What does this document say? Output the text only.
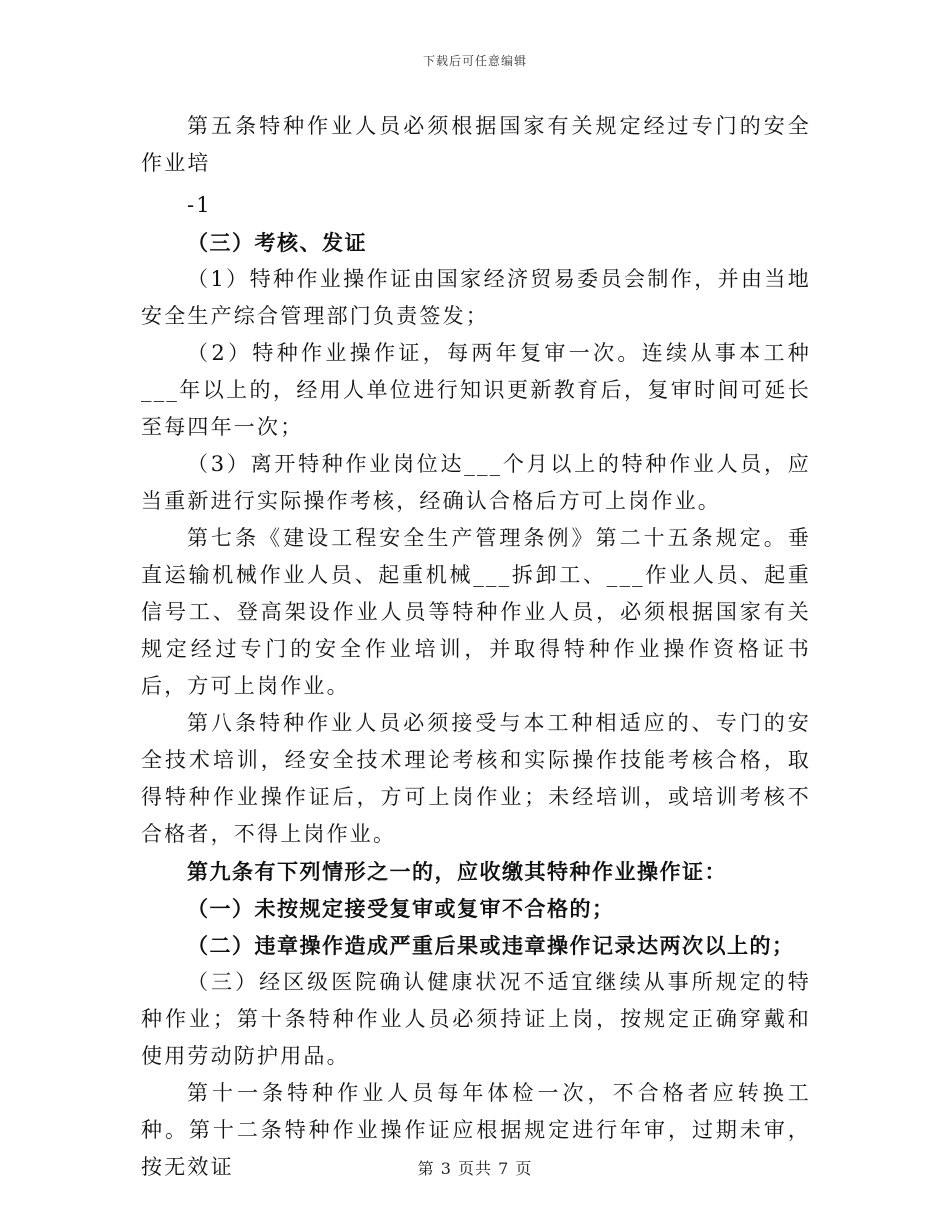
下载后可任意编辑

第五条特种作业人员必须根据国家有关规定经过专门的安全作业培

-1

（三）考核、发证

（1）特种作业操作证由国家经济贸易委员会制作，并由当地安全生产综合管理部门负责签发；

（2）特种作业操作证，每两年复审一次。连续从事本工种___年以上的，经用人单位进行知识更新教育后，复审时间可延长至每四年一次；

（3）离开特种作业岗位达___个月以上的特种作业人员，应当重新进行实际操作考核，经确认合格后方可上岗作业。

第七条《建设工程安全生产管理条例》第二十五条规定。垂直运输机械作业人员、起重机械___拆卸工、___作业人员、起重信号工、登高架设作业人员等特种作业人员，必须根据国家有关规定经过专门的安全作业培训，并取得特种作业操作资格证书后，方可上岗作业。

第八条特种作业人员必须接受与本工种相适应的、专门的安全技术培训，经安全技术理论考核和实际操作技能考核合格，取得特种作业操作证后，方可上岗作业；未经培训，或培训考核不合格者，不得上岗作业。

第九条有下列情形之一的，应收缴其特种作业操作证：

（一）未按规定接受复审或复审不合格的；

（二）违章操作造成严重后果或违章操作记录达两次以上的；

（三）经区级医院确认健康状况不适宜继续从事所规定的特种作业；第十条特种作业人员必须持证上岗，按规定正确穿戴和使用劳动防护用品。

第十一条特种作业人员每年体检一次，不合格者应转换工种。第十二条特种作业操作证应根据规定进行年审，过期未审，按无效证	第 3 页共 7 页
